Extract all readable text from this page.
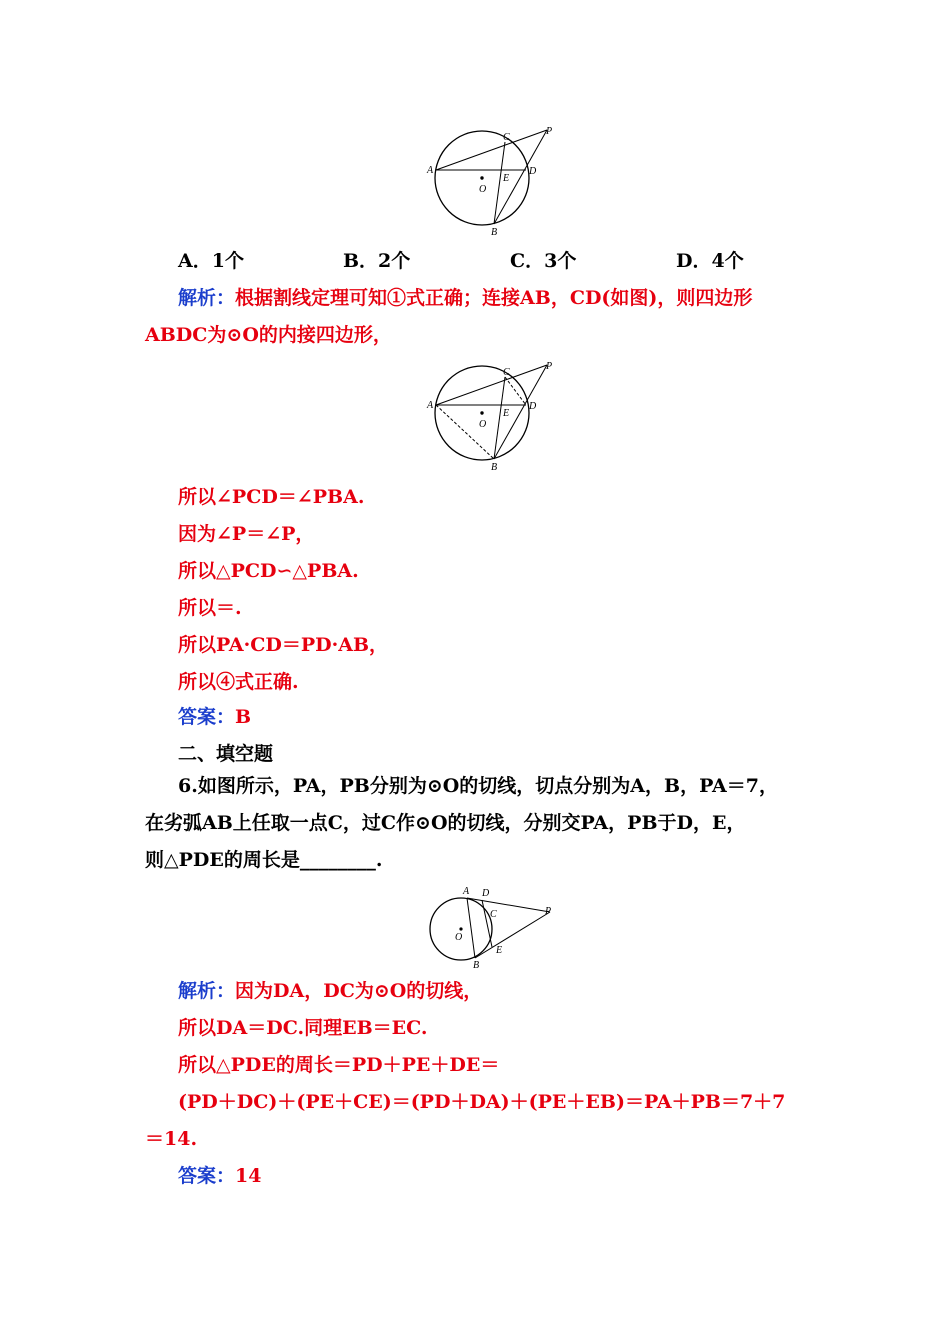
A
C
P
D
E
O
B
A．1个	B．2个	C．3个	D．4个
解析：根据割线定理可知①式正确；连接AB，CD(如图)，则四边形
ABDC为⊙O的内接四边形，
A
C
P
D
E
O
B
所以∠PCD＝∠PBA.
因为∠P＝∠P，
所以△PCD∽△PBA.
所以＝.
所以PA·CD＝PD·AB，
所以④式正确.
答案：B
二、填空题
6.如图所示，PA，PB分别为⊙O的切线，切点分别为A，B，PA＝7，
在劣弧AB上任取一点C，过C作⊙O的切线，分别交PA，PB于D，E，
则△PDE的周长是________.
A D
C	P
E
O
B
解析：因为DA，DC为⊙O的切线，
所以DA＝DC.同理EB＝EC.
所以△PDE的周长＝PD＋PE＋DE＝
(PD＋DC)＋(PE＋CE)＝(PD＋DA)＋(PE＋EB)＝PA＋PB＝7＋7
＝14.
答案：14
